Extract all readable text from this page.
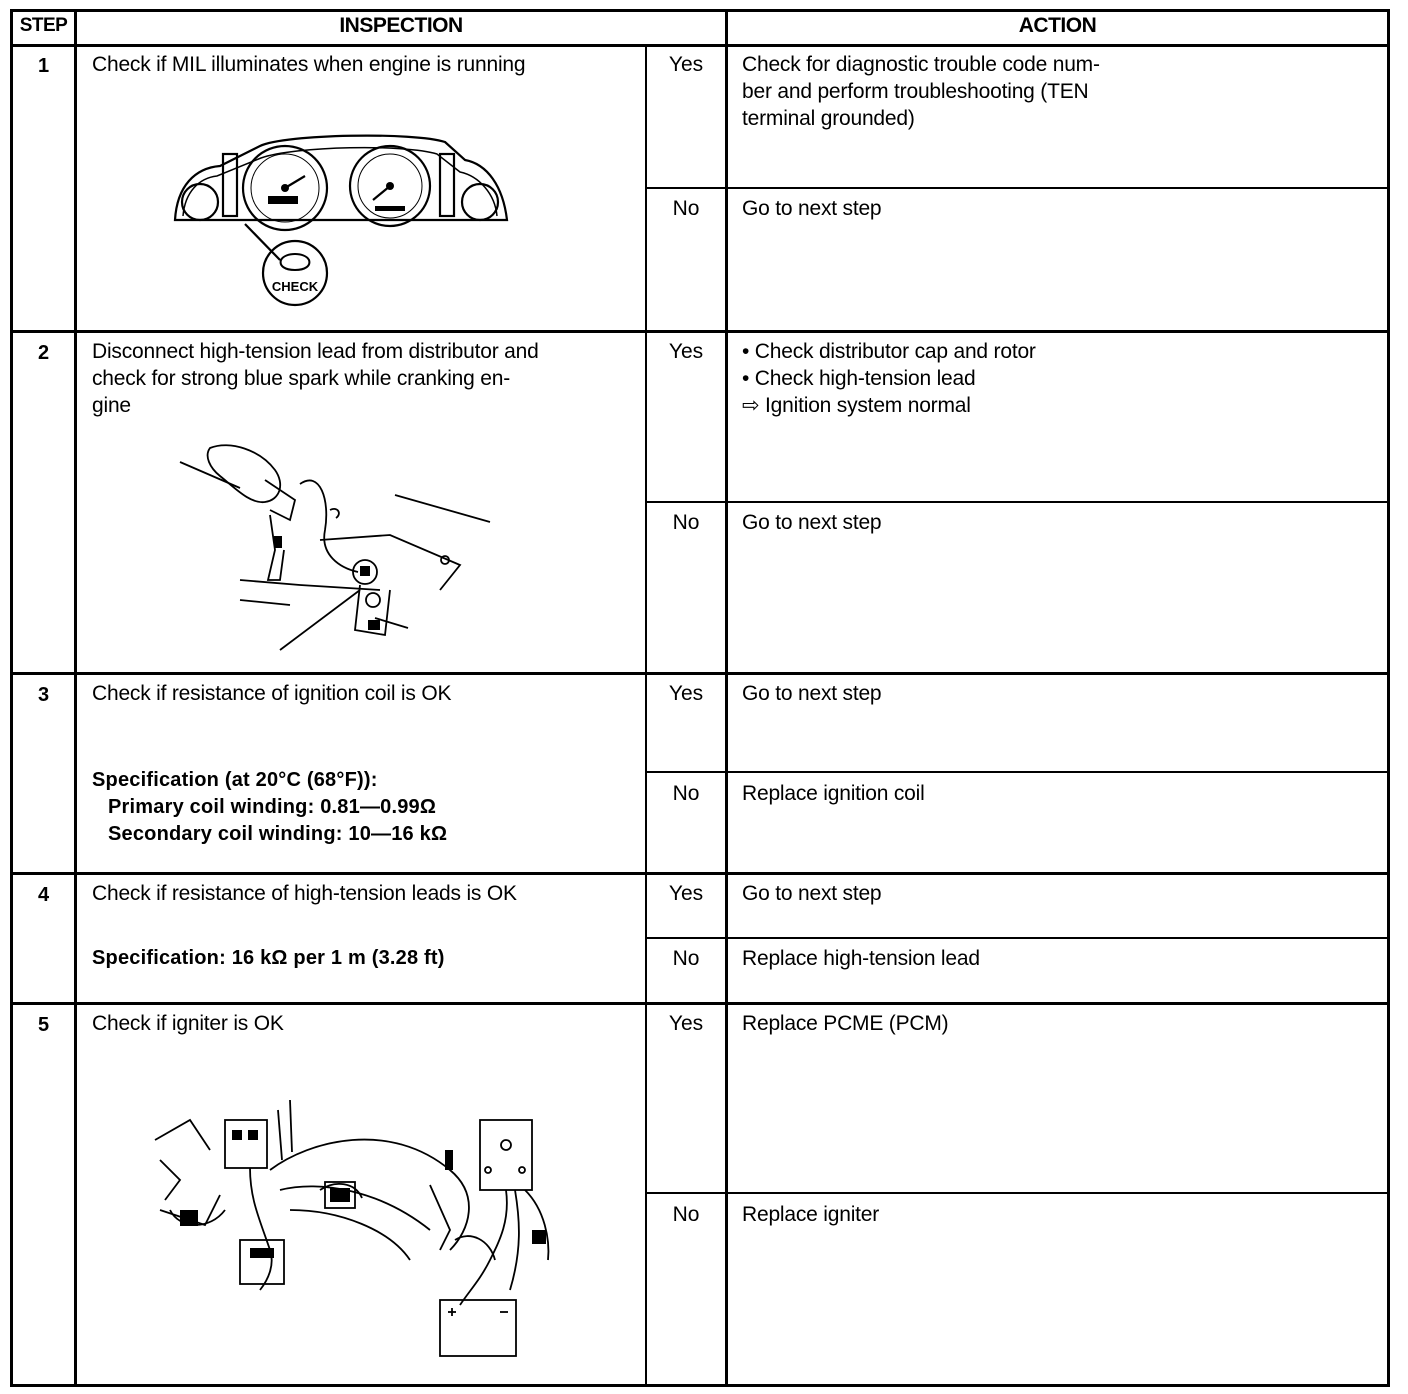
STEP	INSPECTION	ACTION
1	Check if MIL illuminates when engine is running	Yes	Check for diagnostic trouble code num-
ber and perform troubleshooting (TEN
terminal grounded)
No	Go to next step
CHECK
2	Disconnect high-tension lead from distributor and
check for strong blue spark while cranking en-
gine
Yes	• Check distributor cap and rotor
• Check high-tension lead
⇨ Ignition system normal
No	Go to next step
3	Check if resistance of ignition coil is OK
Specification (at 20°C (68°F)):
Primary coil winding: 0.81—0.99Ω
Secondary coil winding: 10—16 kΩ
Yes	Go to next step
No	Replace ignition coil
4	Check if resistance of high-tension leads is OK
Specification: 16 kΩ per 1 m (3.28 ft)
Yes	Go to next step
No	Replace high-tension lead
5	Check if igniter is OK	Yes	Replace PCME (PCM)
No	Replace igniter
